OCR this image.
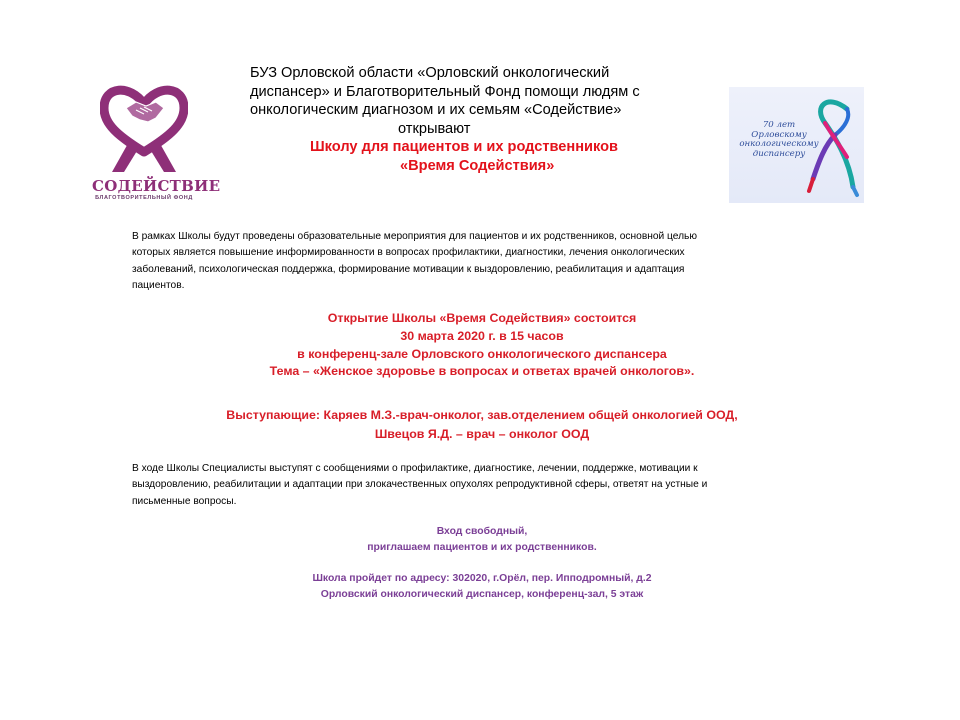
СОДЕЙСТВИЕ
БЛАГОТВОРИТЕЛЬНЫЙ ФОНД
70 лет
Орловскому
онкологическому
диспансеру
БУЗ Орловской области «Орловский онкологический
диспансер» и Благотворительный Фонд помощи людям с
онкологическим диагнозом и их семьям «Содействие»
открывают
Школу для пациентов и их родственников
«Время Содействия»
В рамках Школы будут проведены образовательные мероприятия для пациентов и их родственников, основной целью
которых является повышение информированности в вопросах профилактики, диагностики, лечения онкологических
заболеваний, психологическая поддержка, формирование мотивации к выздоровлению, реабилитация и адаптация
пациентов.
Открытие Школы «Время Содействия» состоится
30 марта 2020 г. в 15 часов
в конференц-зале Орловского онкологического диспансера
Тема – «Женское здоровье в вопросах и ответах врачей онкологов».
Выступающие: Каряев М.З.-врач-онколог, зав.отделением общей онкологией ООД,
Швецов Я.Д. – врач – онколог ООД
В ходе Школы Специалисты выступят с сообщениями о профилактике, диагностике, лечении, поддержке, мотивации к
выздоровлению, реабилитации и адаптации при злокачественных опухолях репродуктивной сферы, ответят на устные и
письменные вопросы.
Вход свободный,
приглашаем пациентов и их родственников.
Школа пройдет по адресу: 302020, г.Орёл, пер. Ипподромный, д.2
Орловский онкологический диспансер, конференц-зал, 5 этаж
